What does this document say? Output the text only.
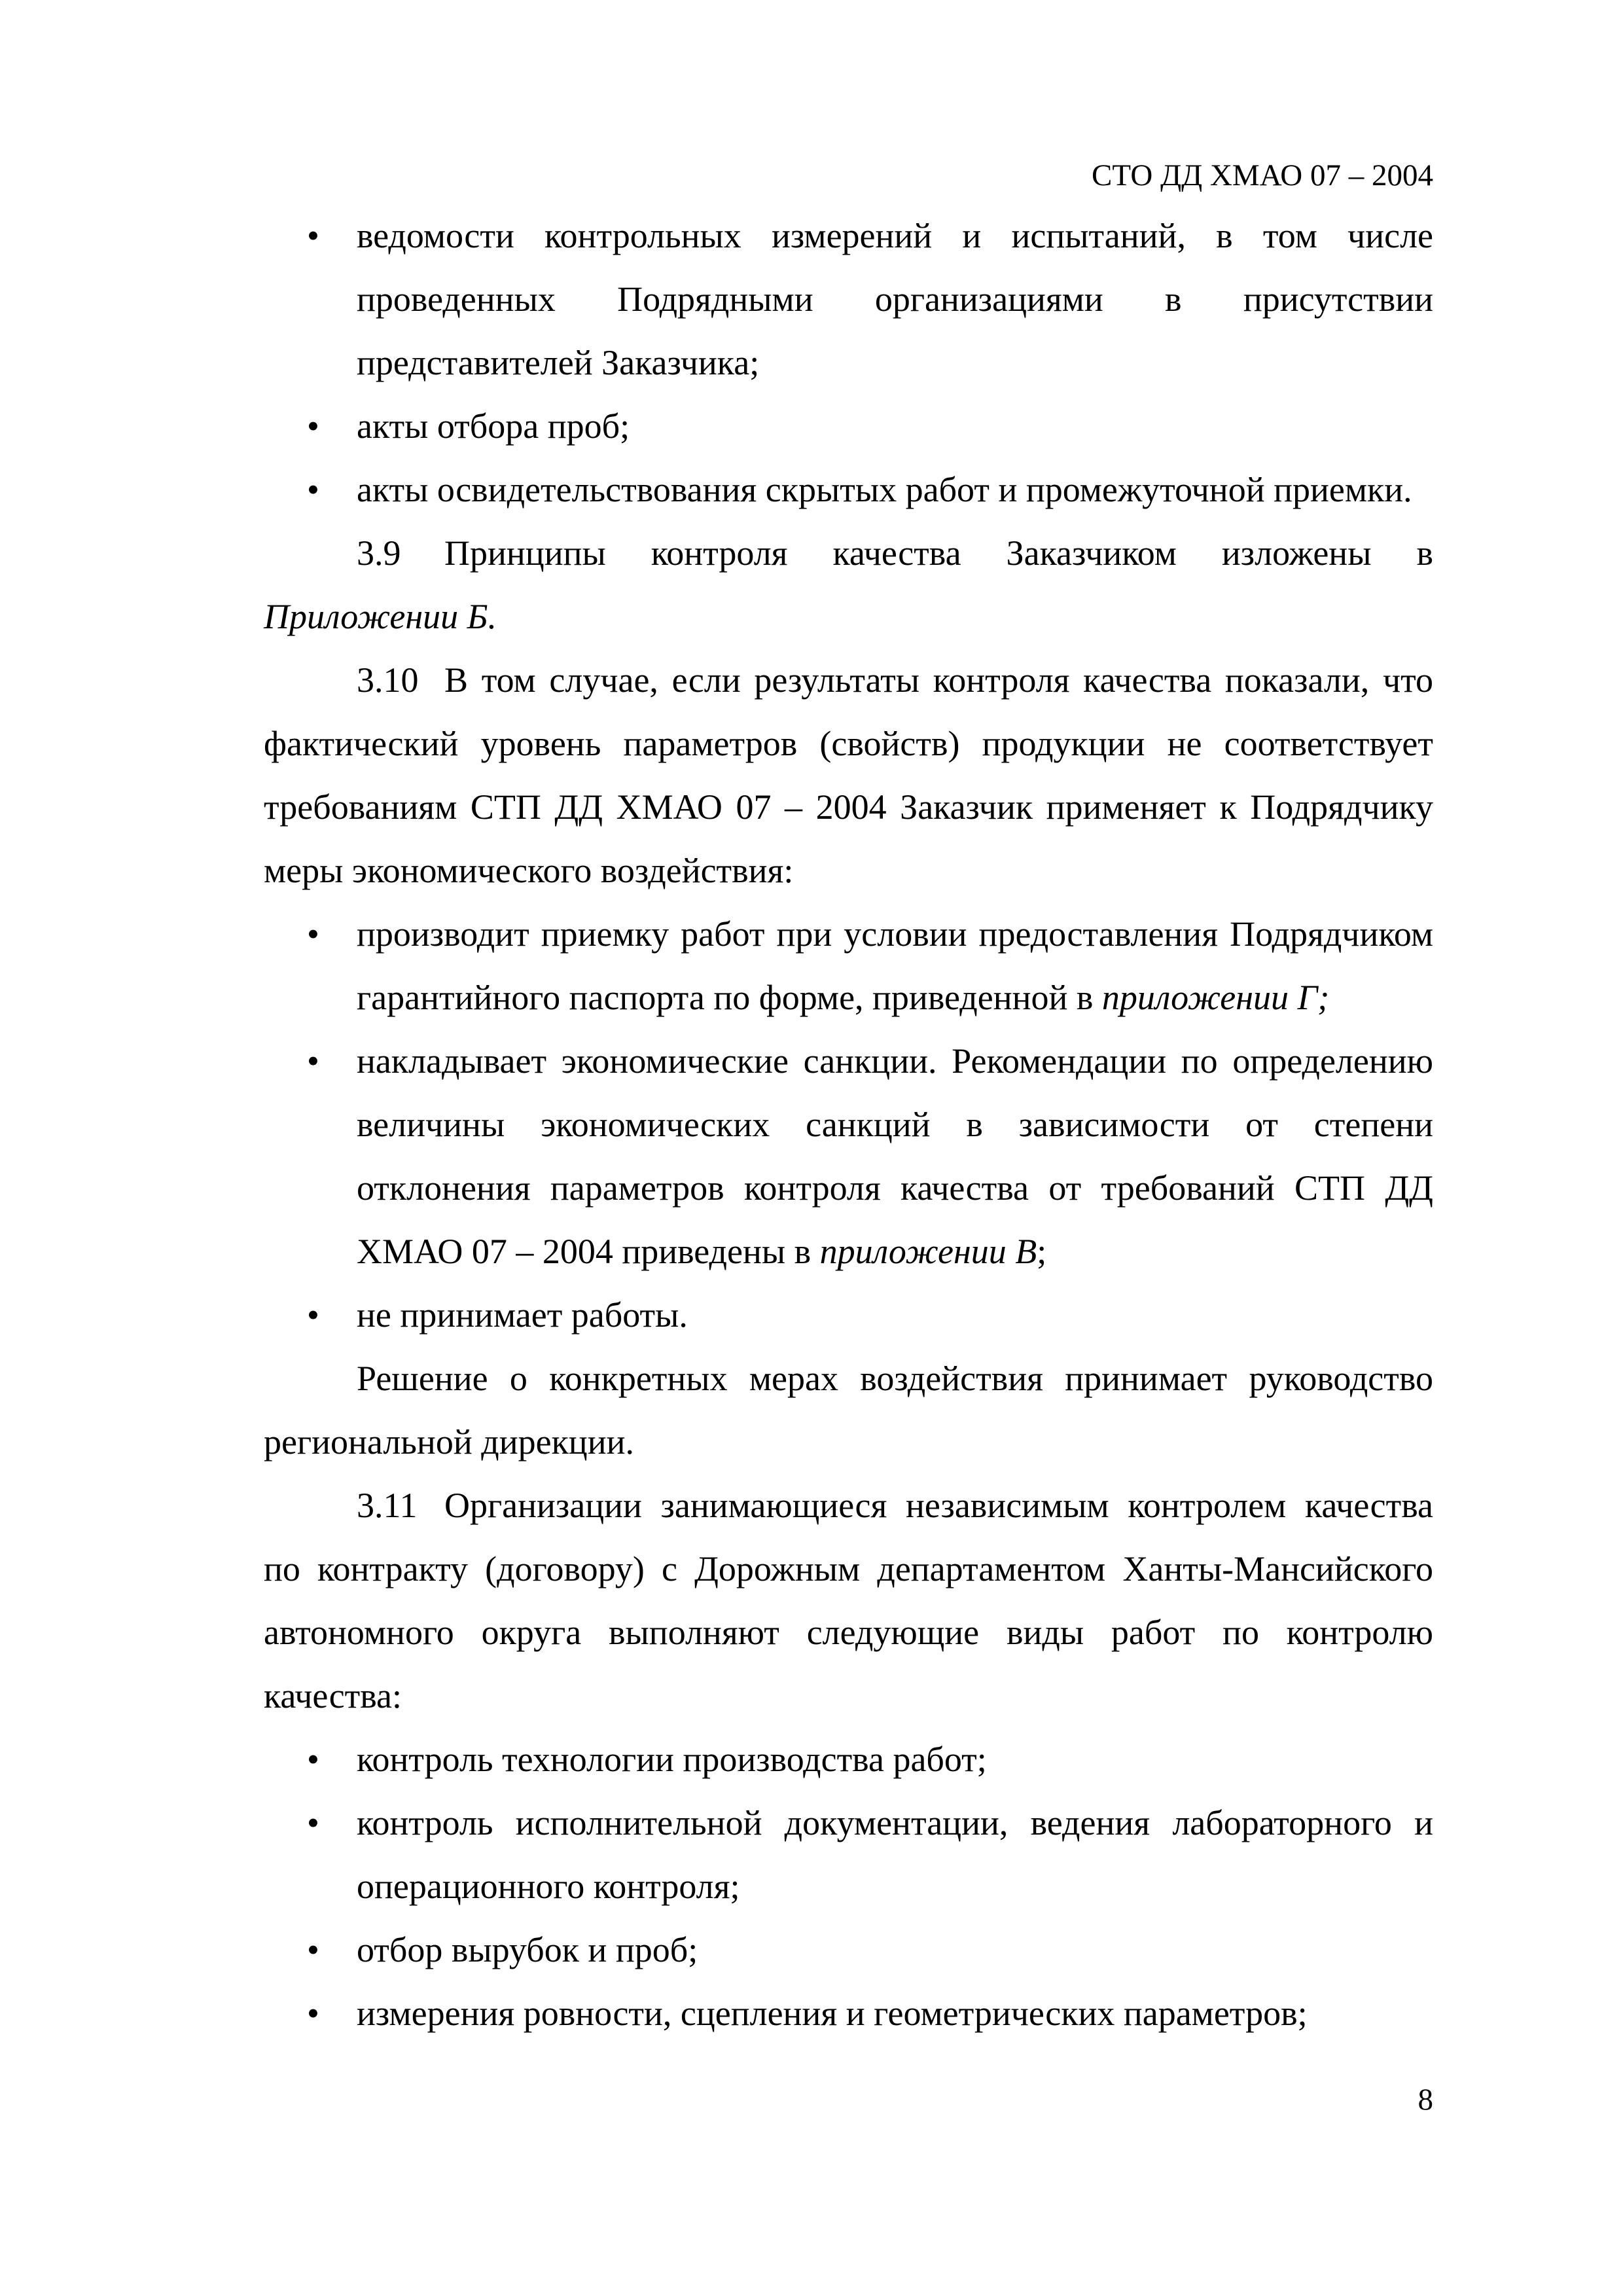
СТО ДД ХМАО 07 – 2004
• ведомости контрольных измерений и испытаний, в том числе проведенных Подрядными организациями в присутствии представителей Заказчика;
• акты отбора проб;
• акты освидетельствования скрытых работ и промежуточной приемки.

3.9 Принципы контроля качества Заказчиком изложены в Приложении Б.

3.10 В том случае, если результаты контроля качества показали, что фактический уровень параметров (свойств) продукции не соответствует требованиям СТП ДД ХМАО 07 – 2004 Заказчик применяет к Подрядчику меры экономического воздействия:

• производит приемку работ при условии предоставления Подрядчиком гарантийного паспорта по форме, приведенной в приложении Г;
• накладывает экономические санкции. Рекомендации по определению величины экономических санкций в зависимости от степени отклонения параметров контроля качества от требований СТП ДД ХМАО 07 – 2004 приведены в приложении В;
• не принимает работы.

Решение о конкретных мерах воздействия принимает руководство региональной дирекции.

3.11 Организации занимающиеся независимым контролем качества по контракту (договору) с Дорожным департаментом Ханты-Мансийского автономного округа выполняют следующие виды работ по контролю качества:

• контроль технологии производства работ;
• контроль исполнительной документации, ведения лабораторного и операционного контроля;
• отбор вырубок и проб;
• измерения ровности, сцепления и геометрических параметров;
8
